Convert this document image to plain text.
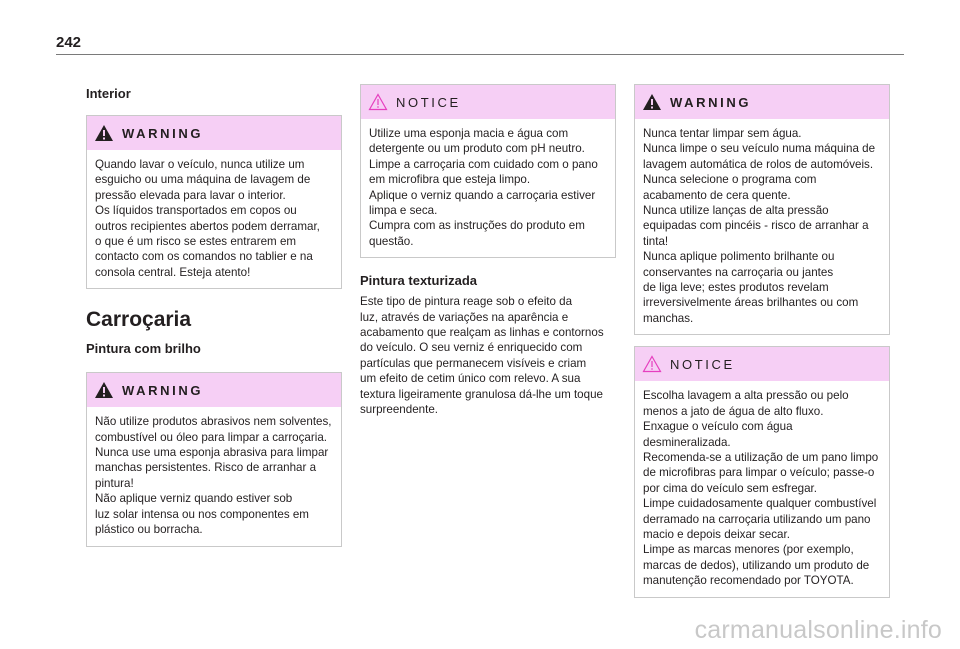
242

Interior

WARNING
Quando lavar o veículo, nunca utilize um
esguicho ou uma máquina de lavagem de
pressão elevada para lavar o interior.
Os líquidos transportados em copos ou
outros recipientes abertos podem derramar,
o que é um risco se estes entrarem em
contacto com os comandos no tablier e na
consola central. Esteja atento!
Carroçaria

Pintura com brilho

WARNING
Não utilize produtos abrasivos nem solventes,
combustível ou óleo para limpar a carroçaria.
Nunca use uma esponja abrasiva para limpar
manchas persistentes. Risco de arranhar a
pintura!
Não aplique verniz quando estiver sob
luz solar intensa ou nos componentes em
plástico ou borracha.
NOTICE
Utilize uma esponja macia e água com
detergente ou um produto com pH neutro.
Limpe a carroçaria com cuidado com o pano
em microfibra que esteja limpo.
Aplique o verniz quando a carroçaria estiver
limpa e seca.
Cumpra com as instruções do produto em
questão.

Pintura texturizada

Este tipo de pintura reage sob o efeito da
luz, através de variações na aparência e
acabamento que realçam as linhas e contornos
do veículo. O seu verniz é enriquecido com
partículas que permanecem visíveis e criam
um efeito de cetim único com relevo. A sua
textura ligeiramente granulosa dá-lhe um toque
surpreendente.
WARNING
Nunca tentar limpar sem água.
Nunca limpe o seu veículo numa máquina de
lavagem automática de rolos de automóveis.
Nunca selecione o programa com
acabamento de cera quente.
Nunca utilize lanças de alta pressão
equipadas com pincéis - risco de arranhar a
tinta!
Nunca aplique polimento brilhante ou
conservantes na carroçaria ou jantes
de liga leve; estes produtos revelam
irreversivelmente áreas brilhantes ou com
manchas.
NOTICE
Escolha lavagem a alta pressão ou pelo
menos a jato de água de alto fluxo.
Enxague o veículo com água
desmineralizada.
Recomenda-se a utilização de um pano limpo
de microfibras para limpar o veículo; passe-o
por cima do veículo sem esfregar.
Limpe cuidadosamente qualquer combustível
derramado na carroçaria utilizando um pano
macio e depois deixar secar.
Limpe as marcas menores (por exemplo,
marcas de dedos), utilizando um produto de
manutenção recomendado por TOYOTA.
carmanualsonline.info
